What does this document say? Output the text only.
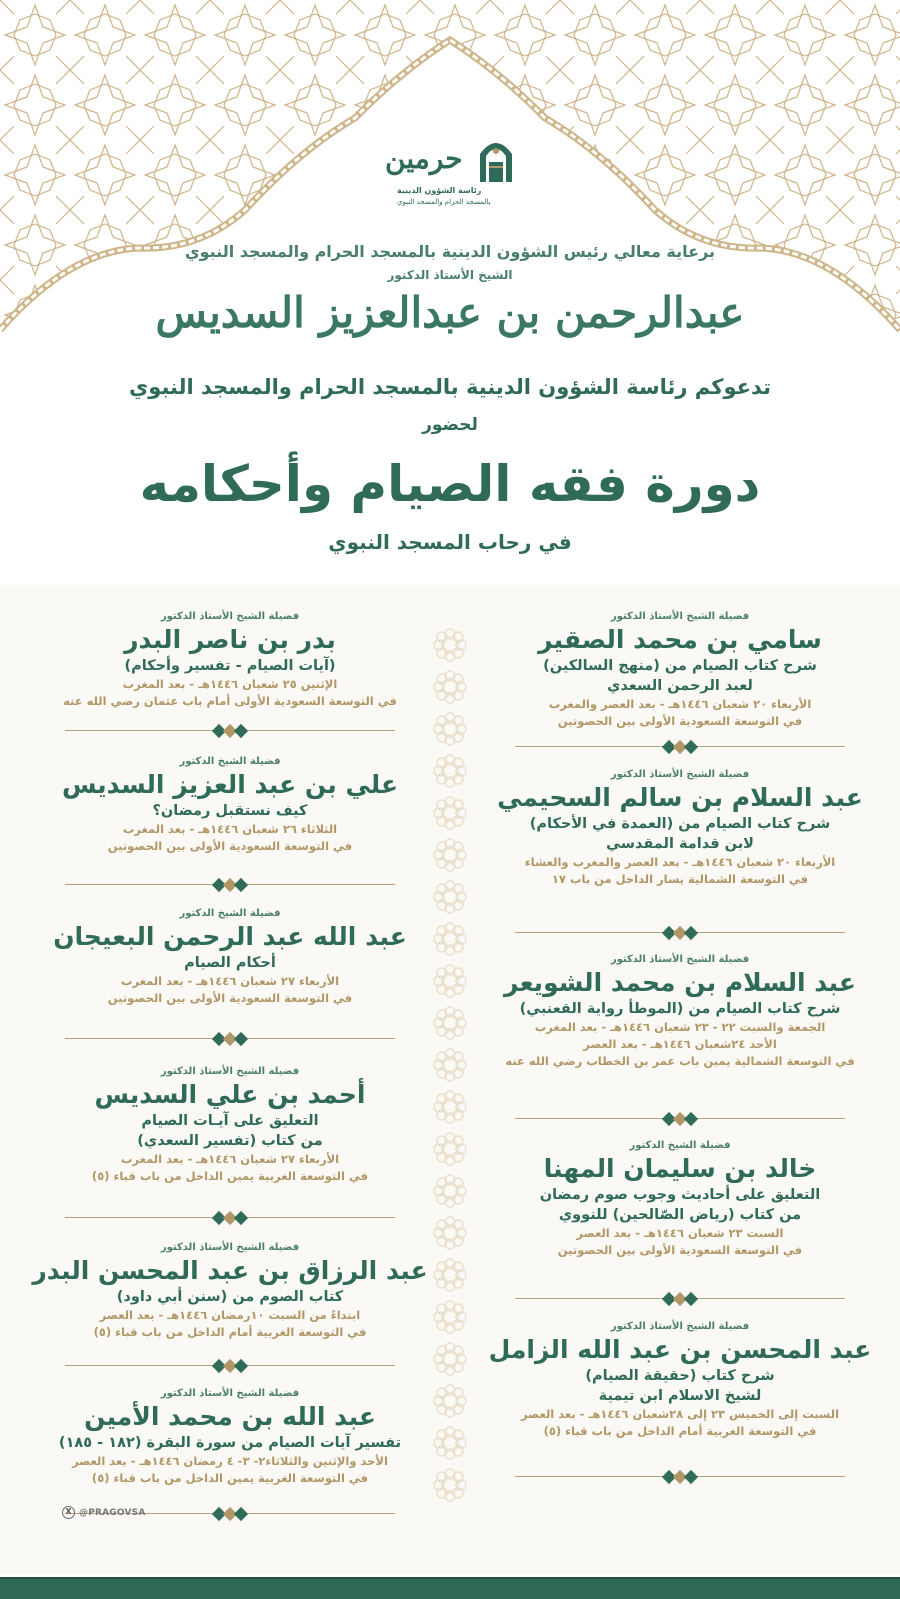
حرمين
رئاسة الشؤون الدينية
بالمسجد الحرام والمسجد النبوي
برعاية معالي رئيس الشؤون الدينية بالمسجد الحرام والمسجد النبوي
الشيخ الأستاذ الدكتور
عبدالرحمن بن عبدالعزيز السديس
تدعوكم رئاسة الشؤون الدينية بالمسجد الحرام والمسجد النبوي
لحضور
دورة فقه الصيام وأحكامه
في رحاب المسجد النبوي
فضيلة الشيخ الأستاذ الدكتور
سامي بن محمد الصقير
شرح كتاب الصيام من (منهج السالكين)
لعبد الرحمن السعدي
الأربعاء ٢٠ شعبان ١٤٤٦هـ - بعد العصر والمغرب
في التوسعة السعودية الأولى بين الحصوتين
فضيلة الشيخ الأستاذ الدكتور
عبد السلام بن سالم السحيمي
شرح كتاب الصيام من (العمدة في الأحكام)
لابن قدامة المقدسي
الأربعاء ٢٠ شعبان ١٤٤٦هـ - بعد العصر والمغرب والعشاء
في التوسعة الشمالية يسار الداخل من باب ١٧
فضيلة الشيخ الأستاذ الدكتور
عبد السلام بن محمد الشويعر
شرح كتاب الصيام من (الموطأ رواية القعنبي)
الجمعة والسبت ٢٢ - ٢٣ شعبان ١٤٤٦هـ - بعد المغرب
الأحد ٢٤شعبان ١٤٤٦هـ - بعد العصر
في التوسعة الشمالية يمين باب عمر بن الخطاب رضي الله عنه
فضيلة الشيخ الدكتور
خالد بن سليمان المهنا
التعليق على أحاديث وجوب صوم رمضان
من كتاب (رياض الصّالحين) للنووي
السبت ٢٣ شعبان ١٤٤٦هـ - بعد العصر
في التوسعة السعودية الأولى بين الحصوتين
فضيلة الشيخ الأستاذ الدكتور
عبد المحسن بن عبد الله الزامل
شرح كتاب (حقيقة الصيام)
لشيخ الاسلام ابن تيمية
السبت إلى الخميس ٢٣ إلى ٢٨شعبان ١٤٤٦هـ - بعد العصر
في التوسعة الغربية أمام الداخل من باب قباء (٥)
فضيلة الشيخ الأستاذ الدكتور
بدر بن ناصر البدر
(آيات الصيام - تفسير وأحكام)
الإثنين ٢٥ شعبان ١٤٤٦هـ - بعد المغرب
في التوسعة السعودية الأولى أمام باب عثمان رضي الله عنه
فضيلة الشيخ الدكتور
علي بن عبد العزيز السديس
كيف نستقبل رمضان؟
الثلاثاء ٢٦ شعبان ١٤٤٦هـ - بعد المغرب
في التوسعة السعودية الأولى بين الحصوتين
فضيلة الشيخ الدكتور
عبد الله عبد الرحمن البعيجان
أحكام الصيام
الأربعاء ٢٧ شعبان ١٤٤٦هـ - بعد المغرب
في التوسعة السعودية الأولى بين الحصوتين
فضيلة الشيخ الأستاذ الدكتور
أحمد بن علي السديس
التعليق على آيـات الصيام
من كتاب (تفسير السعدي)
الأربعاء ٢٧ شعبان ١٤٤٦هـ - بعد المغرب
في التوسعة الغربية يمين الداخل من باب قباء (٥)
فضيلة الشيخ الأستاذ الدكتور
عبد الرزاق بن عبد المحسن البدر
كتاب الصوم من (سنن أبي داود)
ابتداءً من السبت ١٠رمضان ١٤٤٦هـ - بعد العصر
في التوسعة الغربية أمام الداخل من باب قباء (٥)
فضيلة الشيخ الأستاذ الدكتور
عبد الله بن محمد الأمين
تفسير آيات الصيام من سورة البقرة (١٨٢ - ١٨٥)
الأحد والإثنين والثلاثاء٢- ٣- ٤ رمضان ١٤٤٦هـ - بعد العصر
في التوسعة الغربية يمين الداخل من باب قباء (٥)
X @PRAGOVSA
